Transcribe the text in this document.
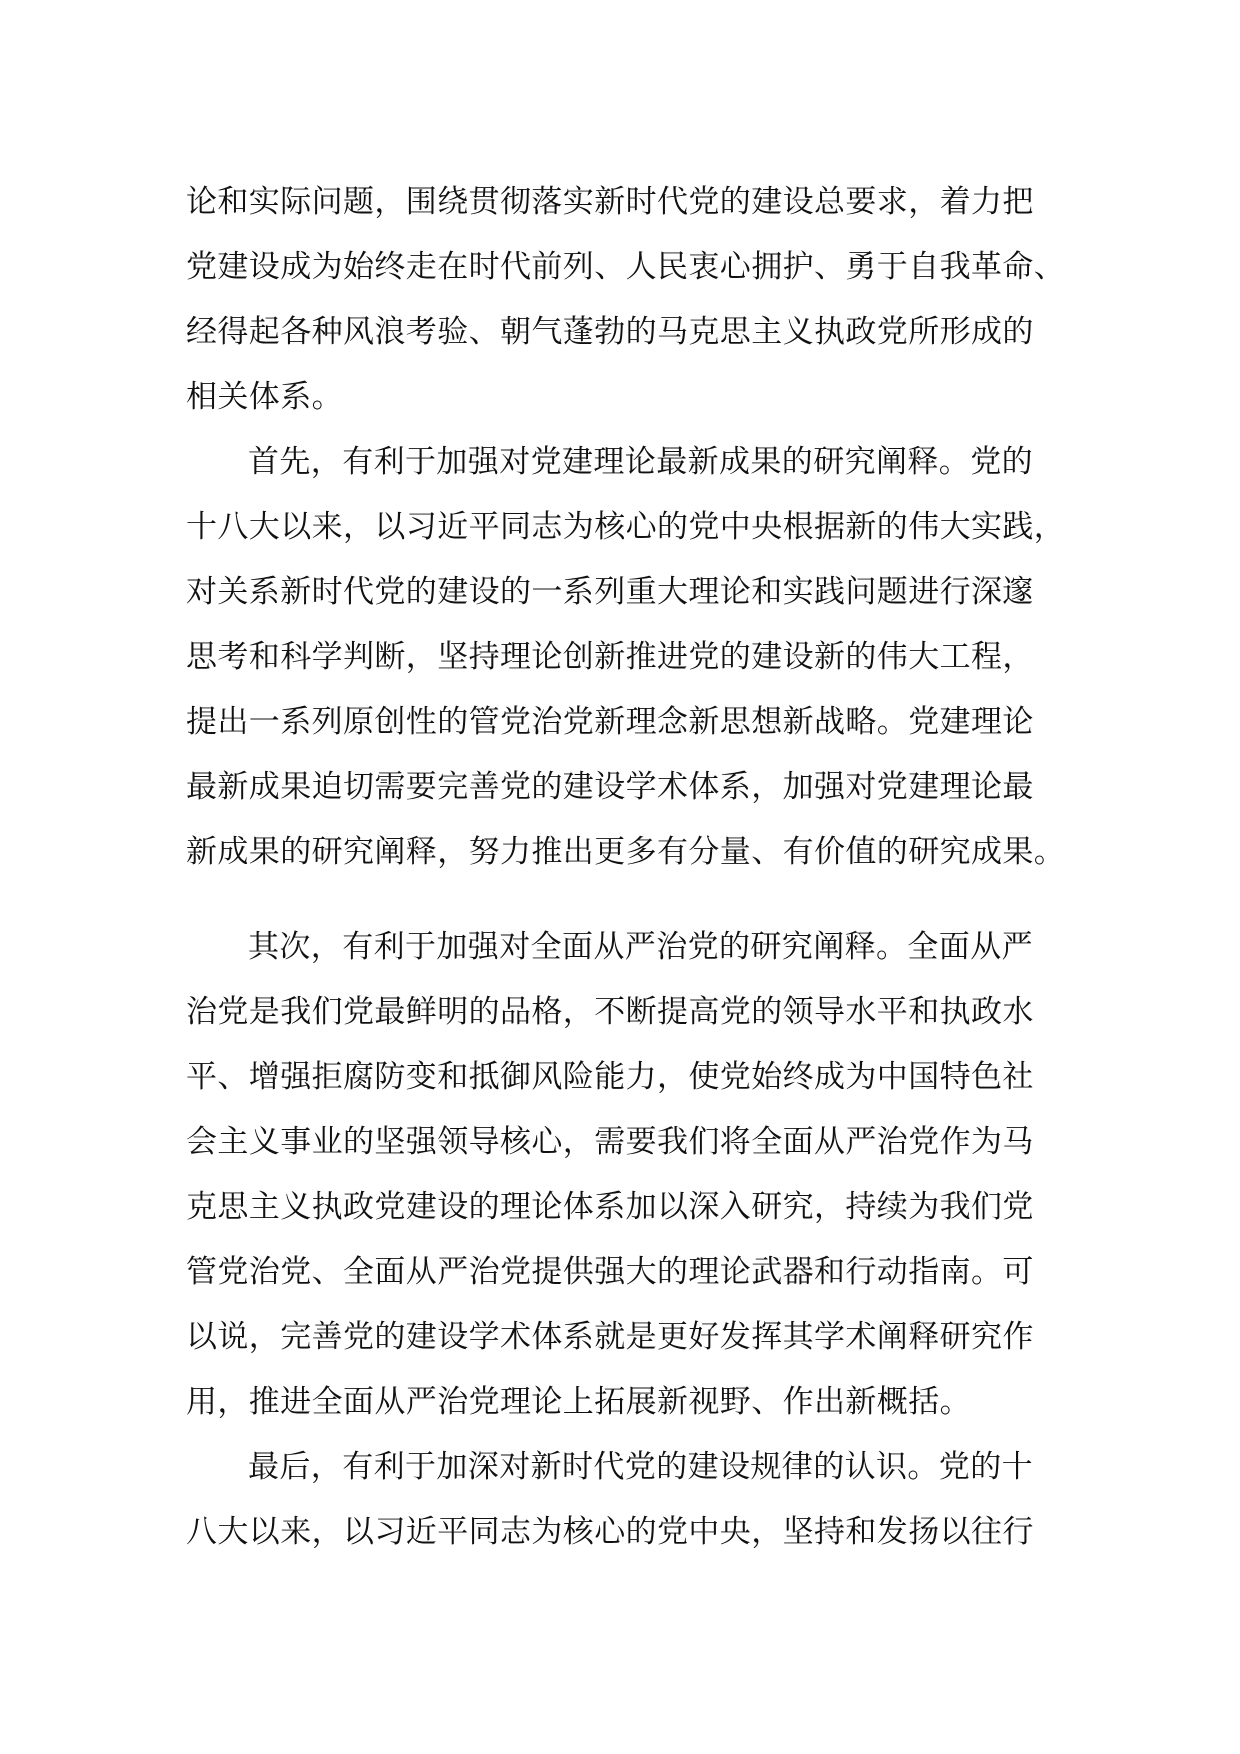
论和实际问题，围绕贯彻落实新时代党的建设总要求，着力把
党建设成为始终走在时代前列、人民衷心拥护、勇于自我革命、
经得起各种风浪考验、朝气蓬勃的马克思主义执政党所形成的
相关体系。
首先，有利于加强对党建理论最新成果的研究阐释。党的
十八大以来，以习近平同志为核心的党中央根据新的伟大实践，
对关系新时代党的建设的一系列重大理论和实践问题进行深邃
思考和科学判断，坚持理论创新推进党的建设新的伟大工程，
提出一系列原创性的管党治党新理念新思想新战略。党建理论
最新成果迫切需要完善党的建设学术体系，加强对党建理论最
新成果的研究阐释，努力推出更多有分量、有价值的研究成果。
其次，有利于加强对全面从严治党的研究阐释。全面从严
治党是我们党最鲜明的品格，不断提高党的领导水平和执政水
平、增强拒腐防变和抵御风险能力，使党始终成为中国特色社
会主义事业的坚强领导核心，需要我们将全面从严治党作为马
克思主义执政党建设的理论体系加以深入研究，持续为我们党
管党治党、全面从严治党提供强大的理论武器和行动指南。可
以说，完善党的建设学术体系就是更好发挥其学术阐释研究作
用，推进全面从严治党理论上拓展新视野、作出新概括。
最后，有利于加深对新时代党的建设规律的认识。党的十
八大以来，以习近平同志为核心的党中央，坚持和发扬以往行
